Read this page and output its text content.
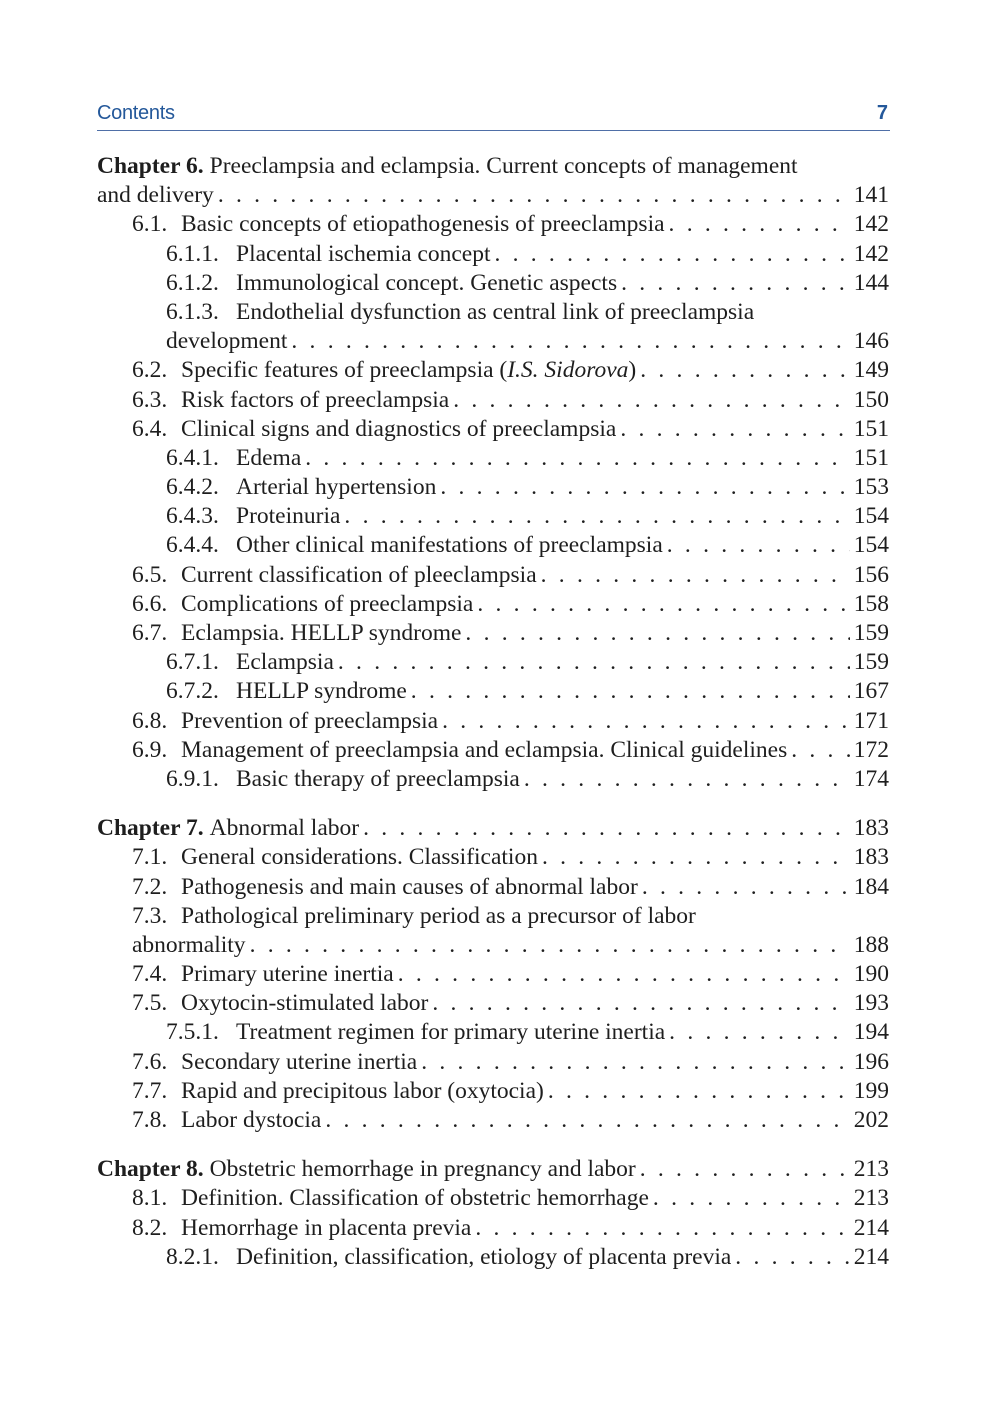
Contents	7
Chapter 6. Preeclampsia and eclampsia. Current concepts of management
and delivery . . .	141
6.1. Basic concepts of etiopathogenesis of preeclampsia . . .	142
6.1.1. Placental ischemia concept . . .	142
6.1.2. Immunological concept. Genetic aspects . . .	144
6.1.3. Endothelial dysfunction as central link of preeclampsia
development . . .	146
6.2. Specific features of preeclampsia (I.S. Sidorova) . . .	149
6.3. Risk factors of preeclampsia . . .	150
6.4. Clinical signs and diagnostics of preeclampsia . . .	151
6.4.1. Edema . . .	151
6.4.2. Arterial hypertension . . .	153
6.4.3. Proteinuria . . .	154
6.4.4. Other clinical manifestations of preeclampsia . . .	154
6.5. Current classification of pleeclampsia . . .	156
6.6. Complications of preeclampsia . . .	158
6.7. Eclampsia. HELLP syndrome . . .	159
6.7.1. Eclampsia . . .	159
6.7.2. HELLP syndrome . . .	167
6.8. Prevention of preeclampsia . . .	171
6.9. Management of preeclampsia and eclampsia. Clinical guidelines . . .	172
6.9.1. Basic therapy of preeclampsia . . .	174
Chapter 7. Abnormal labor . . .	183
7.1. General considerations. Classification . . .	183
7.2. Pathogenesis and main causes of abnormal labor . . .	184
7.3. Pathological preliminary period as a precursor of labor
abnormality . . .	188
7.4. Primary uterine inertia . . .	190
7.5. Oxytocin-stimulated labor . . .	193
7.5.1. Treatment regimen for primary uterine inertia . . .	194
7.6. Secondary uterine inertia . . .	196
7.7. Rapid and precipitous labor (oxytocia) . . .	199
7.8. Labor dystocia . . .	202
Chapter 8. Obstetric hemorrhage in pregnancy and labor . . .	213
8.1. Definition. Classification of obstetric hemorrhage . . .	213
8.2. Hemorrhage in placenta previa . . .	214
8.2.1. Definition, classification, etiology of placenta previa . . .	214
